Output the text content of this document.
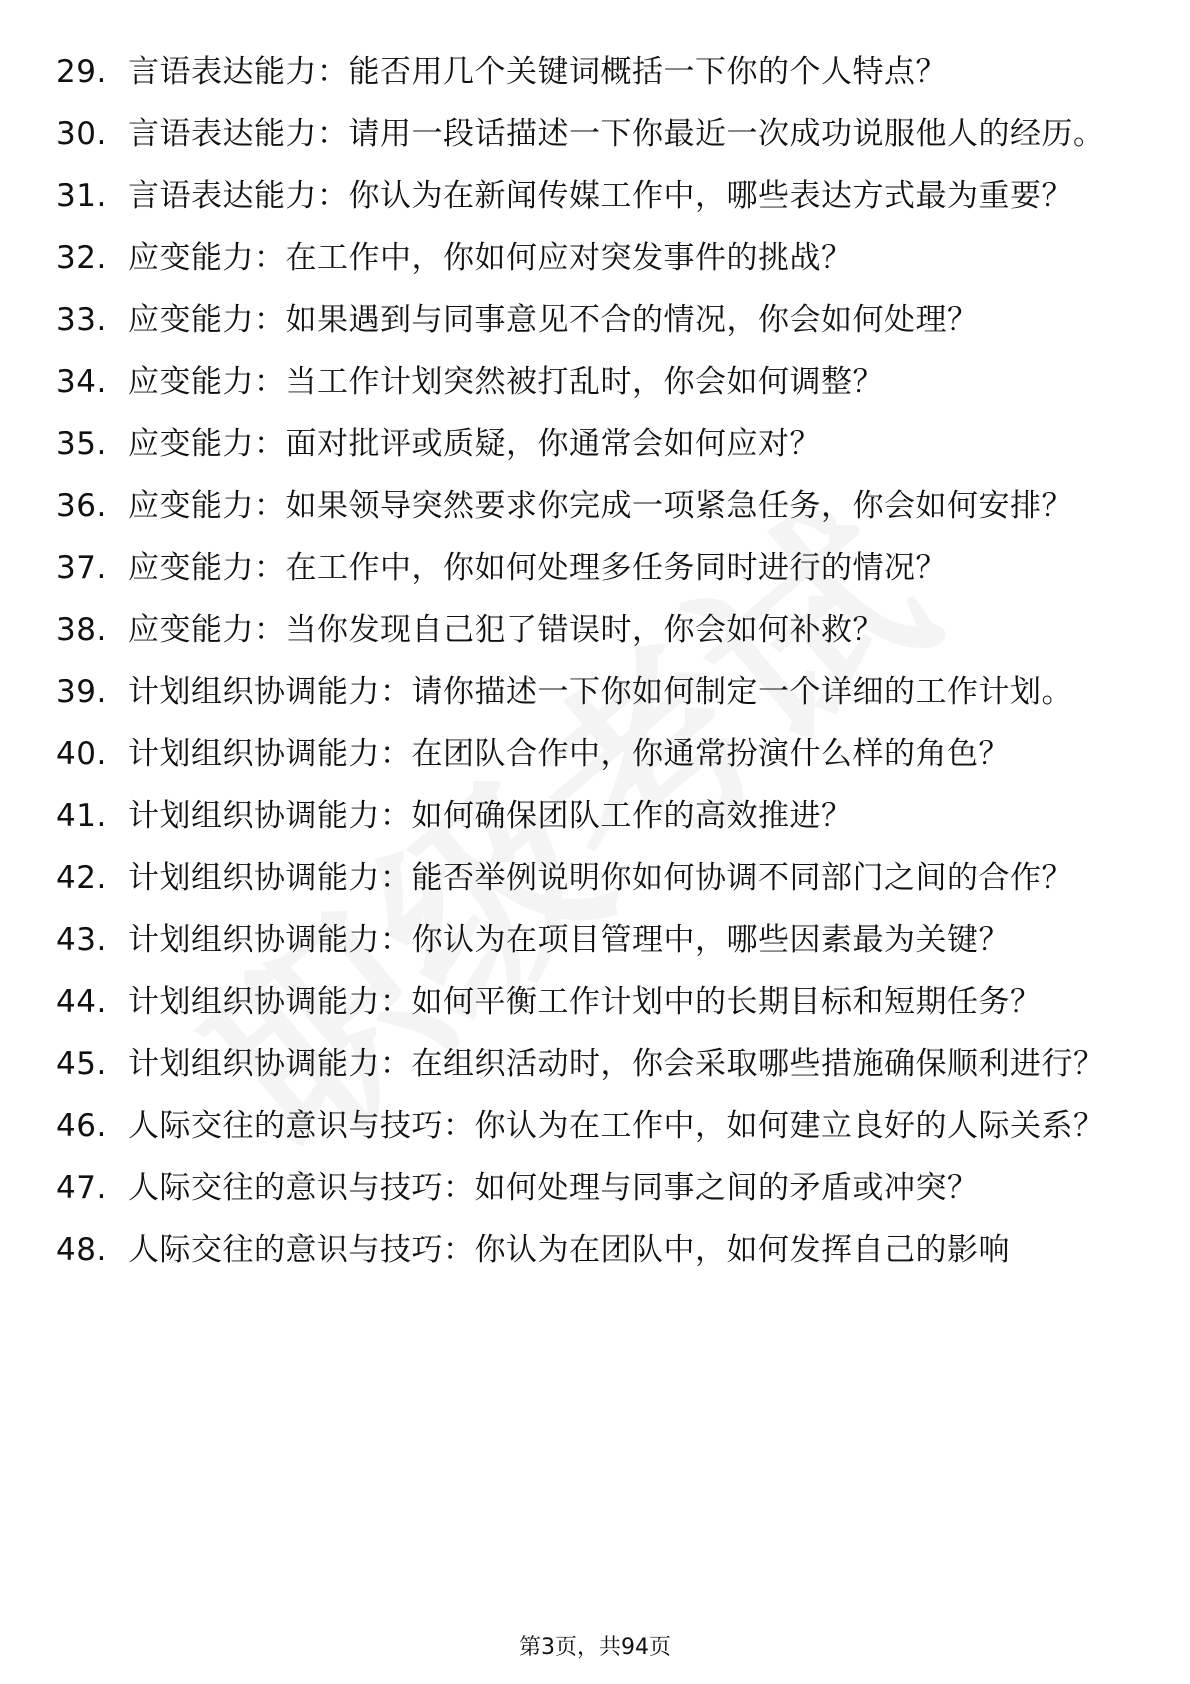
29. 言语表达能力：能否用几个关键词概括一下你的个人特点？
30. 言语表达能力：请用一段话描述一下你最近一次成功说服他人的经历。
31. 言语表达能力：你认为在新闻传媒工作中，哪些表达方式最为重要？
32. 应变能力：在工作中，你如何应对突发事件的挑战？
33. 应变能力：如果遇到与同事意见不合的情况，你会如何处理？
34. 应变能力：当工作计划突然被打乱时，你会如何调整？
35. 应变能力：面对批评或质疑，你通常会如何应对？
36. 应变能力：如果领导突然要求你完成一项紧急任务，你会如何安排？
37. 应变能力：在工作中，你如何处理多任务同时进行的情况？
38. 应变能力：当你发现自己犯了错误时，你会如何补救？
39. 计划组织协调能力：请你描述一下你如何制定一个详细的工作计划。
40. 计划组织协调能力：在团队合作中，你通常扮演什么样的角色？
41. 计划组织协调能力：如何确保团队工作的高效推进？
42. 计划组织协调能力：能否举例说明你如何协调不同部门之间的合作？
43. 计划组织协调能力：你认为在项目管理中，哪些因素最为关键？
44. 计划组织协调能力：如何平衡工作计划中的长期目标和短期任务？
45. 计划组织协调能力：在组织活动时，你会采取哪些措施确保顺利进行？
46. 人际交往的意识与技巧：你认为在工作中，如何建立良好的人际关系？
47. 人际交往的意识与技巧：如何处理与同事之间的矛盾或冲突？
48. 人际交往的意识与技巧：你认为在团队中，如何发挥自己的影响
第3页，共94页
